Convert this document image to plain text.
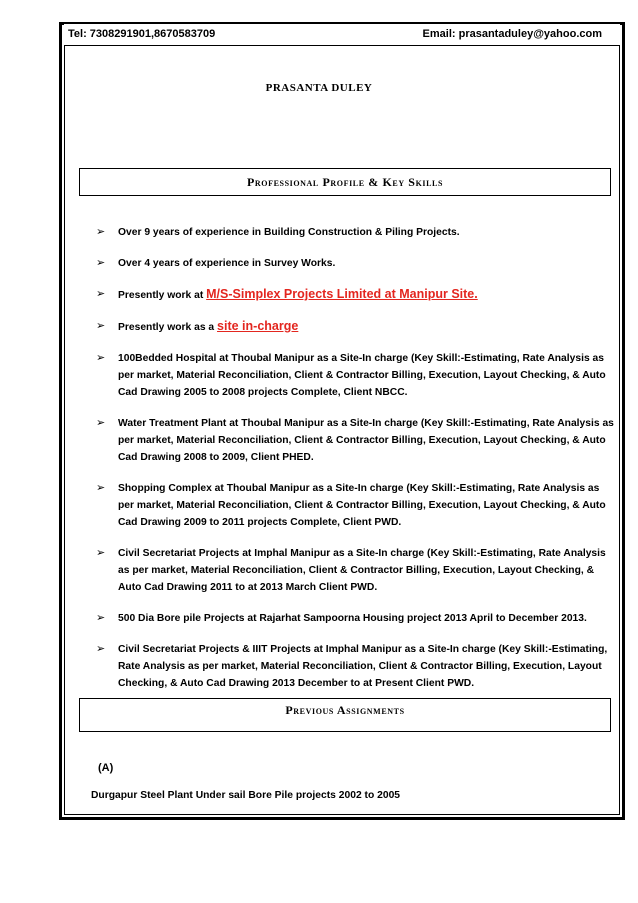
Tel: 7308291901,8670583709	Email: prasantaduley@yahoo.com
PRASANTA DULEY
Professional Profile & Key Skills
➢ Over 9 years of experience in Building Construction & Piling Projects.
➢ Over 4 years of experience in Survey Works.
➢ Presently work at M/S-Simplex Projects Limited at Manipur Site.
➢ Presently work as a site in-charge
➢ 100Bedded Hospital at Thoubal Manipur as a Site-In charge (Key Skill:-Estimating, Rate Analysis as per market, Material Reconciliation, Client & Contractor Billing, Execution, Layout Checking, & Auto Cad Drawing 2005 to 2008 projects Complete, Client NBCC.
➢ Water Treatment Plant at Thoubal Manipur as a Site-In charge (Key Skill:-Estimating, Rate Analysis as per market, Material Reconciliation, Client & Contractor Billing, Execution, Layout Checking, & Auto Cad Drawing 2008 to 2009, Client PHED.
➢ Shopping Complex at Thoubal Manipur as a Site-In charge (Key Skill:-Estimating, Rate Analysis as per market, Material Reconciliation, Client & Contractor Billing, Execution, Layout Checking, & Auto Cad Drawing 2009 to 2011 projects Complete, Client PWD.
➢ Civil Secretariat Projects at Imphal Manipur as a Site-In charge (Key Skill:-Estimating, Rate Analysis as per market, Material Reconciliation, Client & Contractor Billing, Execution, Layout Checking, & Auto Cad Drawing 2011 to at 2013 March Client PWD.
➢ 500 Dia Bore pile Projects at Rajarhat Sampoorna Housing project 2013 April to December 2013.
➢ Civil Secretariat Projects & IIIT Projects at Imphal Manipur as a Site-In charge (Key Skill:-Estimating, Rate Analysis as per market, Material Reconciliation, Client & Contractor Billing, Execution, Layout Checking, & Auto Cad Drawing 2013 December to at Present Client PWD.
Previous Assignments
(A)
Durgapur Steel Plant Under sail Bore Pile projects 2002 to 2005
